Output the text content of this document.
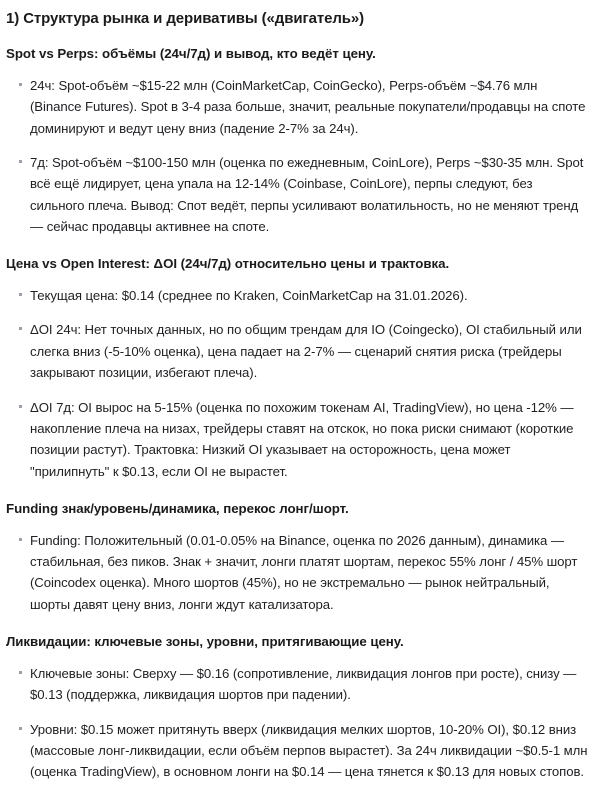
1) Структура рынка и деривативы («двигатель»)
Spot vs Perps: объёмы (24ч/7д) и вывод, кто ведёт цену.
24ч: Spot-объём ~$15-22 млн (CoinMarketCap, CoinGecko), Perps-объём ~$4.76 млн (Binance Futures). Spot в 3-4 раза больше, значит, реальные покупатели/продавцы на споте доминируют и ведут цену вниз (падение 2-7% за 24ч).
7д: Spot-объём ~$100-150 млн (оценка по ежедневным, CoinLore), Perps ~$30-35 млн. Spot всё ещё лидирует, цена упала на 12-14% (Coinbase, CoinLore), перпы следуют, без сильного плеча. Вывод: Спот ведёт, перпы усиливают волатильность, но не меняют тренд — сейчас продавцы активнее на споте.
Цена vs Open Interest: ΔOI (24ч/7д) относительно цены и трактовка.
Текущая цена: $0.14 (среднее по Kraken, CoinMarketCap на 31.01.2026).
ΔOI 24ч: Нет точных данных, но по общим трендам для IO (Coingecko), OI стабильный или слегка вниз (-5-10% оценка), цена падает на 2-7% — сценарий снятия риска (трейдеры закрывают позиции, избегают плеча).
ΔOI 7д: OI вырос на 5-15% (оценка по похожим токенам AI, TradingView), но цена -12% — накопление плеча на низах, трейдеры ставят на отскок, но пока риски снимают (короткие позиции растут). Трактовка: Низкий OI указывает на осторожность, цена может "прилипнуть" к $0.13, если OI не вырастет.
Funding знак/уровень/динамика, перекос лонг/шорт.
Funding: Положительный (0.01-0.05% на Binance, оценка по 2026 данным), динамика — стабильная, без пиков. Знак + значит, лонги платят шортам, перекос 55% лонг / 45% шорт (Coincodex оценка). Много шортов (45%), но не экстремально — рынок нейтральный, шорты давят цену вниз, лонги ждут катализатора.
Ликвидации: ключевые зоны, уровни, притягивающие цену.
Ключевые зоны: Сверху — $0.16 (сопротивление, ликвидация лонгов при росте), снизу — $0.13 (поддержка, ликвидация шортов при падении).
Уровни: $0.15 может притянуть вверх (ликвидация мелких шортов, 10-20% OI), $0.12 вниз (массовые лонг-ликвидации, если объём перпов вырастет). За 24ч ликвидации ~$0.5-1 млн (оценка TradingView), в основном лонги на $0.14 — цена тянется к $0.13 для новых стопов.
